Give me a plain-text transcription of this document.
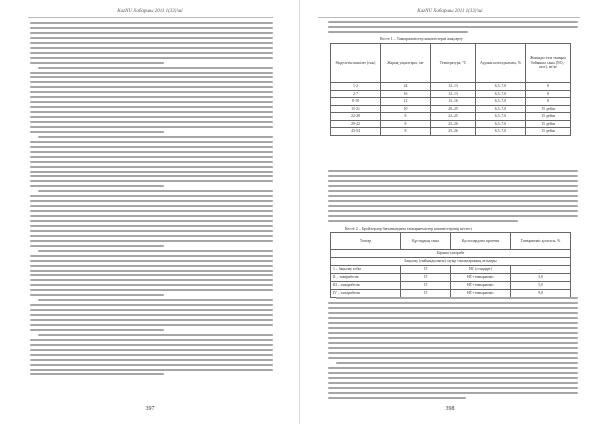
KazNU Хабаршы 2011 1(33)'ші
397
KazNU Хабаршы 2011 1(33)'ші
Кесте 1 – Тамыржемістер көкөністерін жақсарту
Өңделетін шикізат (тәж)	Жарық уақыттары, сағ	Температура, °С	Ауданы ылғалдылығы, %	Жиынды таза тамыры бойынша саны (NO₃-азот), мг/кг
1-2	24	12–13	6,5–7,0	8
2-7	16	12–13	6,5–7,0	8
8-10	12	13–16	6,5–7,0	8
15-21	10	20–25	6,5–7,0	15 дейін
22-28	8	22–25	6,5–7,0	15 дейін
29-42	8	23–26	6,5–7,0	15 дейін
43-54	8	25–26	6,5–7,0	15 дейін
Кесте 2 – Бройлерлер бағынындағы тамыржемістер көкөністерінің кестесі
Топтар	Құстардың саны	Қоспалардағы протеин	Тамыржеміс қоспасы, %
Бірінші тәжірибе			
Бақылау (сыйымдылығы) сауыр тауықтарының ағзалары			
1 – бақылау тобы	15	НС (стандарт)	–
II – тәжірибелік	15	НС+тамыржеміс	3,0
III – тәжірибелік	15	НС+тамыржеміс	5,0
IV – тәжірибелік	15	НС+тамыржеміс	9,0
398
